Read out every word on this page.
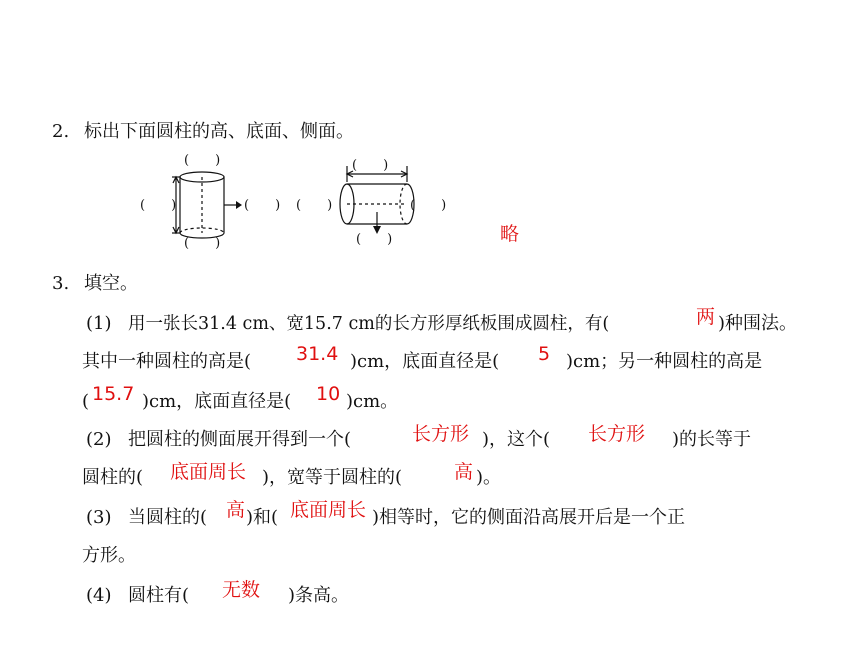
2. 标出下面圆柱的高、底面、侧面。
(　　)
(　　)	(　　)
(　　)
(　　)
(　　)	(　　)
(　　)	略
3. 填空。
(1) 用一张长31.4 cm、宽15.7 cm的长方形厚纸板围成圆柱，有(	两 )种围法。
其中一种圆柱的高是( 31.4 )cm，底面直径是( 5 )cm；另一种圆柱的高是
( 15.7 )cm，底面直径是( 10 )cm。
(2) 把圆柱的侧面展开得到一个(	长方形 )，这个( 长方形 )的长等于
圆柱的( 底面周长 )，宽等于圆柱的(	高 )。
(3) 当圆柱的( 高 )和( 底面周长 )相等时，它的侧面沿高展开后是一个正
方形。
(4) 圆柱有( 无数 )条高。
